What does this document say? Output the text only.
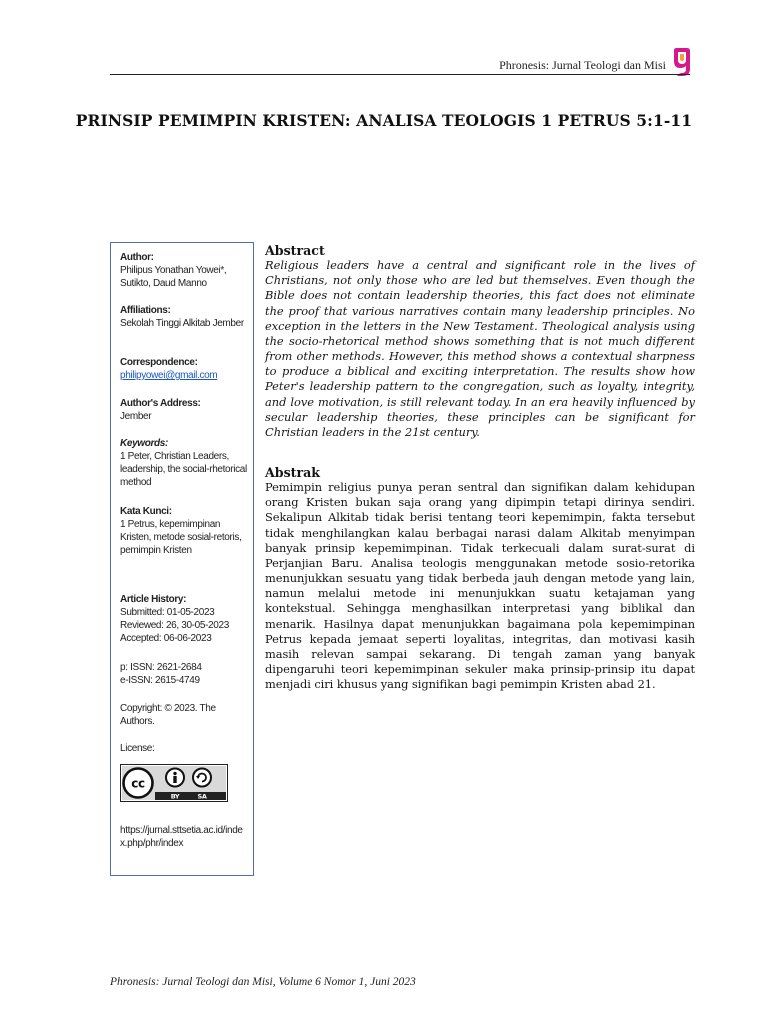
Phronesis: Jurnal Teologi dan Misi
PRINSIP PEMIMPIN KRISTEN: ANALISA TEOLOGIS 1 PETRUS 5:1-11
Author:
Philipus Yonathan Yowei*, Sutikto, Daud Manno
Affiliations:
Sekolah Tinggi Alkitab Jember
Correspondence:
philipyowei@gmail.com
Author's Address:
Jember
Keywords:
1 Peter, Christian Leaders, leadership, the social-rhetorical method
Kata Kunci:
1 Petrus, kepemimpinan Kristen, metode sosial-retoris, pemimpin Kristen
Article History:
Submitted: 01-05-2023
Reviewed: 26, 30-05-2023
Accepted: 06-06-2023
p: ISSN: 2621-2684
e-ISSN: 2615-4749
Copyright: © 2023. The Authors.
License:
cc
BY	SA
https://jurnal.sttsetia.ac.id/index.php/phr/index
Abstract
Religious leaders have a central and significant role in the lives of Christians, not only those who are led but themselves. Even though the Bible does not contain leadership theories, this fact does not eliminate the proof that various narratives contain many leadership principles. No exception in the letters in the New Testament. Theological analysis using the socio-rhetorical method shows something that is not much different from other methods. However, this method shows a contextual sharpness to produce a biblical and exciting interpretation. The results show how Peter's leadership pattern to the congregation, such as loyalty, integrity, and love motivation, is still relevant today. In an era heavily influenced by secular leadership theories, these principles can be significant for Christian leaders in the 21st century.
Abstrak
Pemimpin religius punya peran sentral dan signifikan dalam kehidupan orang Kristen bukan saja orang yang dipimpin tetapi dirinya sendiri. Sekalipun Alkitab tidak berisi tentang teori kepemimpin, fakta tersebut tidak menghilangkan kalau berbagai narasi dalam Alkitab menyimpan banyak prinsip kepemimpinan. Tidak terkecuali dalam surat-surat di Perjanjian Baru. Analisa teologis menggunakan metode sosio-retorika menunjukkan sesuatu yang tidak berbeda jauh dengan metode yang lain, namun melalui metode ini menunjukkan suatu ketajaman yang kontekstual. Sehingga menghasilkan interpretasi yang biblikal dan menarik. Hasilnya dapat menunjukkan bagaimana pola kepemimpinan Petrus kepada jemaat seperti loyalitas, integritas, dan motivasi kasih masih relevan sampai sekarang. Di tengah zaman yang banyak dipengaruhi teori kepemimpinan sekuler maka prinsip-prinsip itu dapat menjadi ciri khusus yang signifikan bagi pemimpin Kristen abad 21.
Phronesis: Jurnal Teologi dan Misi, Volume 6 Nomor 1, Juni 2023
